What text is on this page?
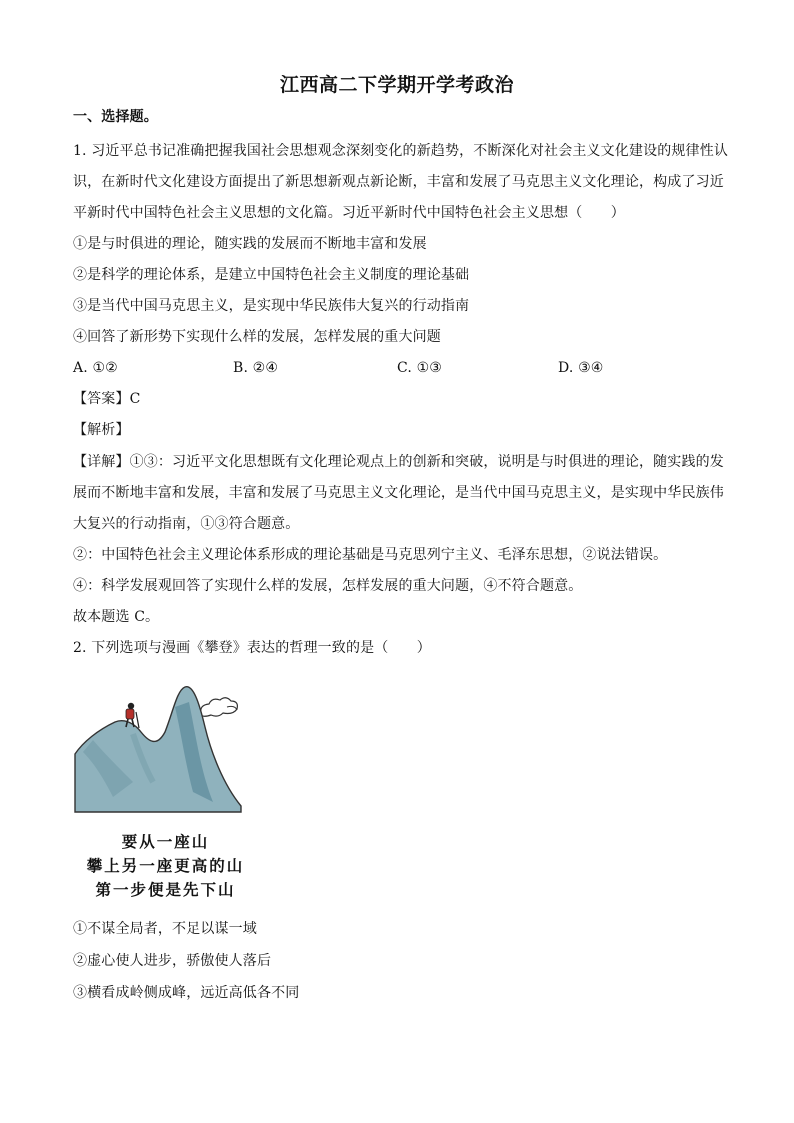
江西高二下学期开学考政治
一、选择题。
1. 习近平总书记准确把握我国社会思想观念深刻变化的新趋势，不断深化对社会主义文化建设的规律性认
识，在新时代文化建设方面提出了新思想新观点新论断，丰富和发展了马克思主义文化理论，构成了习近
平新时代中国特色社会主义思想的文化篇。习近平新时代中国特色社会主义思想（　　）
①是与时俱进的理论，随实践的发展而不断地丰富和发展
②是科学的理论体系，是建立中国特色社会主义制度的理论基础
③是当代中国马克思主义，是实现中华民族伟大复兴的行动指南
④回答了新形势下实现什么样的发展，怎样发展的重大问题
A. ①②	B. ②④	C. ①③	D. ③④
【答案】C
【解析】
【详解】①③：习近平文化思想既有文化理论观点上的创新和突破，说明是与时俱进的理论，随实践的发
展而不断地丰富和发展，丰富和发展了马克思主义文化理论，是当代中国马克思主义，是实现中华民族伟
大复兴的行动指南，①③符合题意。
②：中国特色社会主义理论体系形成的理论基础是马克思列宁主义、毛泽东思想，②说法错误。
④：科学发展观回答了实现什么样的发展，怎样发展的重大问题，④不符合题意。
故本题选 C。
2. 下列选项与漫画《攀登》表达的哲理一致的是（　　）
要从一座山
攀上另一座更高的山
第一步便是先下山
①不谋全局者，不足以谋一域
②虚心使人进步，骄傲使人落后
③横看成岭侧成峰，远近高低各不同
